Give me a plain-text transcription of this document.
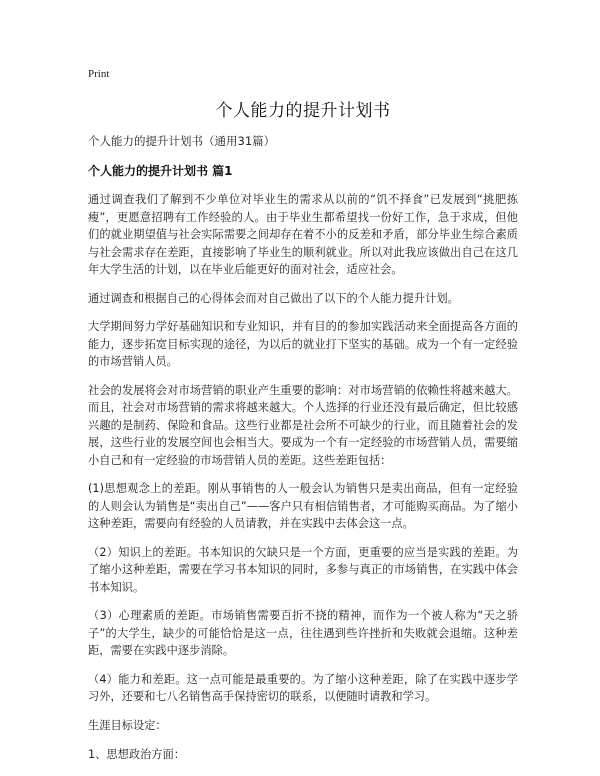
Print
个人能力的提升计划书
个人能力的提升计划书（通用31篇）
个人能力的提升计划书 篇1

通过调查我们了解到不少单位对毕业生的需求从以前的“饥不择食”已发展到“挑肥拣瘦”，更愿意招聘有工作经验的人。由于毕业生都希望找一份好工作，急于求成，但他们的就业期望值与社会实际需要之间却存在着不小的反差和矛盾，部分毕业生综合素质与社会需求存在差距，直接影响了毕业生的顺利就业。所以对此我应该做出自己在这几年大学生活的计划，以在毕业后能更好的面对社会，适应社会。

通过调查和根据自己的心得体会而对自己做出了以下的个人能力提升计划。

大学期间努力学好基础知识和专业知识，并有目的的参加实践活动来全面提高各方面的能力，逐步拓宽目标实现的途径，为以后的就业打下坚实的基础。成为一个有一定经验的市场营销人员。

社会的发展将会对市场营销的职业产生重要的影响：对市场营销的依赖性将越来越大。而且，社会对市场营销的需求将越来越大。个人选择的行业还没有最后确定，但比较感兴趣的是制药、保险和食品。这些行业都是社会所不可缺少的行业，而且随着社会的发展，这些行业的发展空间也会相当大。要成为一个有一定经验的市场营销人员，需要缩小自己和有一定经验的市场营销人员的差距。这些差距包括：

(1)思想观念上的差距。刚从事销售的人一般会认为销售只是卖出商品，但有一定经验的人则会认为销售是“卖出自己”——客户只有相信销售者，才可能购买商品。为了缩小这种差距，需要向有经验的人员请教，并在实践中去体会这一点。

（2）知识上的差距。书本知识的欠缺只是一个方面，更重要的应当是实践的差距。为了缩小这种差距，需要在学习书本知识的同时，多参与真正的市场销售，在实践中体会书本知识。

（3）心理素质的差距。市场销售需要百折不挠的精神，而作为一个被人称为“天之骄子”的大学生，缺少的可能恰恰是这一点，往往遇到些许挫折和失败就会退缩。这种差距，需要在实践中逐步消除。

（4）能力和差距。这一点可能是最重要的。为了缩小这种差距，除了在实践中逐步学习外，还要和七八名销售高手保持密切的联系，以便随时请教和学习。

生涯目标设定：

1、思想政治方面：
